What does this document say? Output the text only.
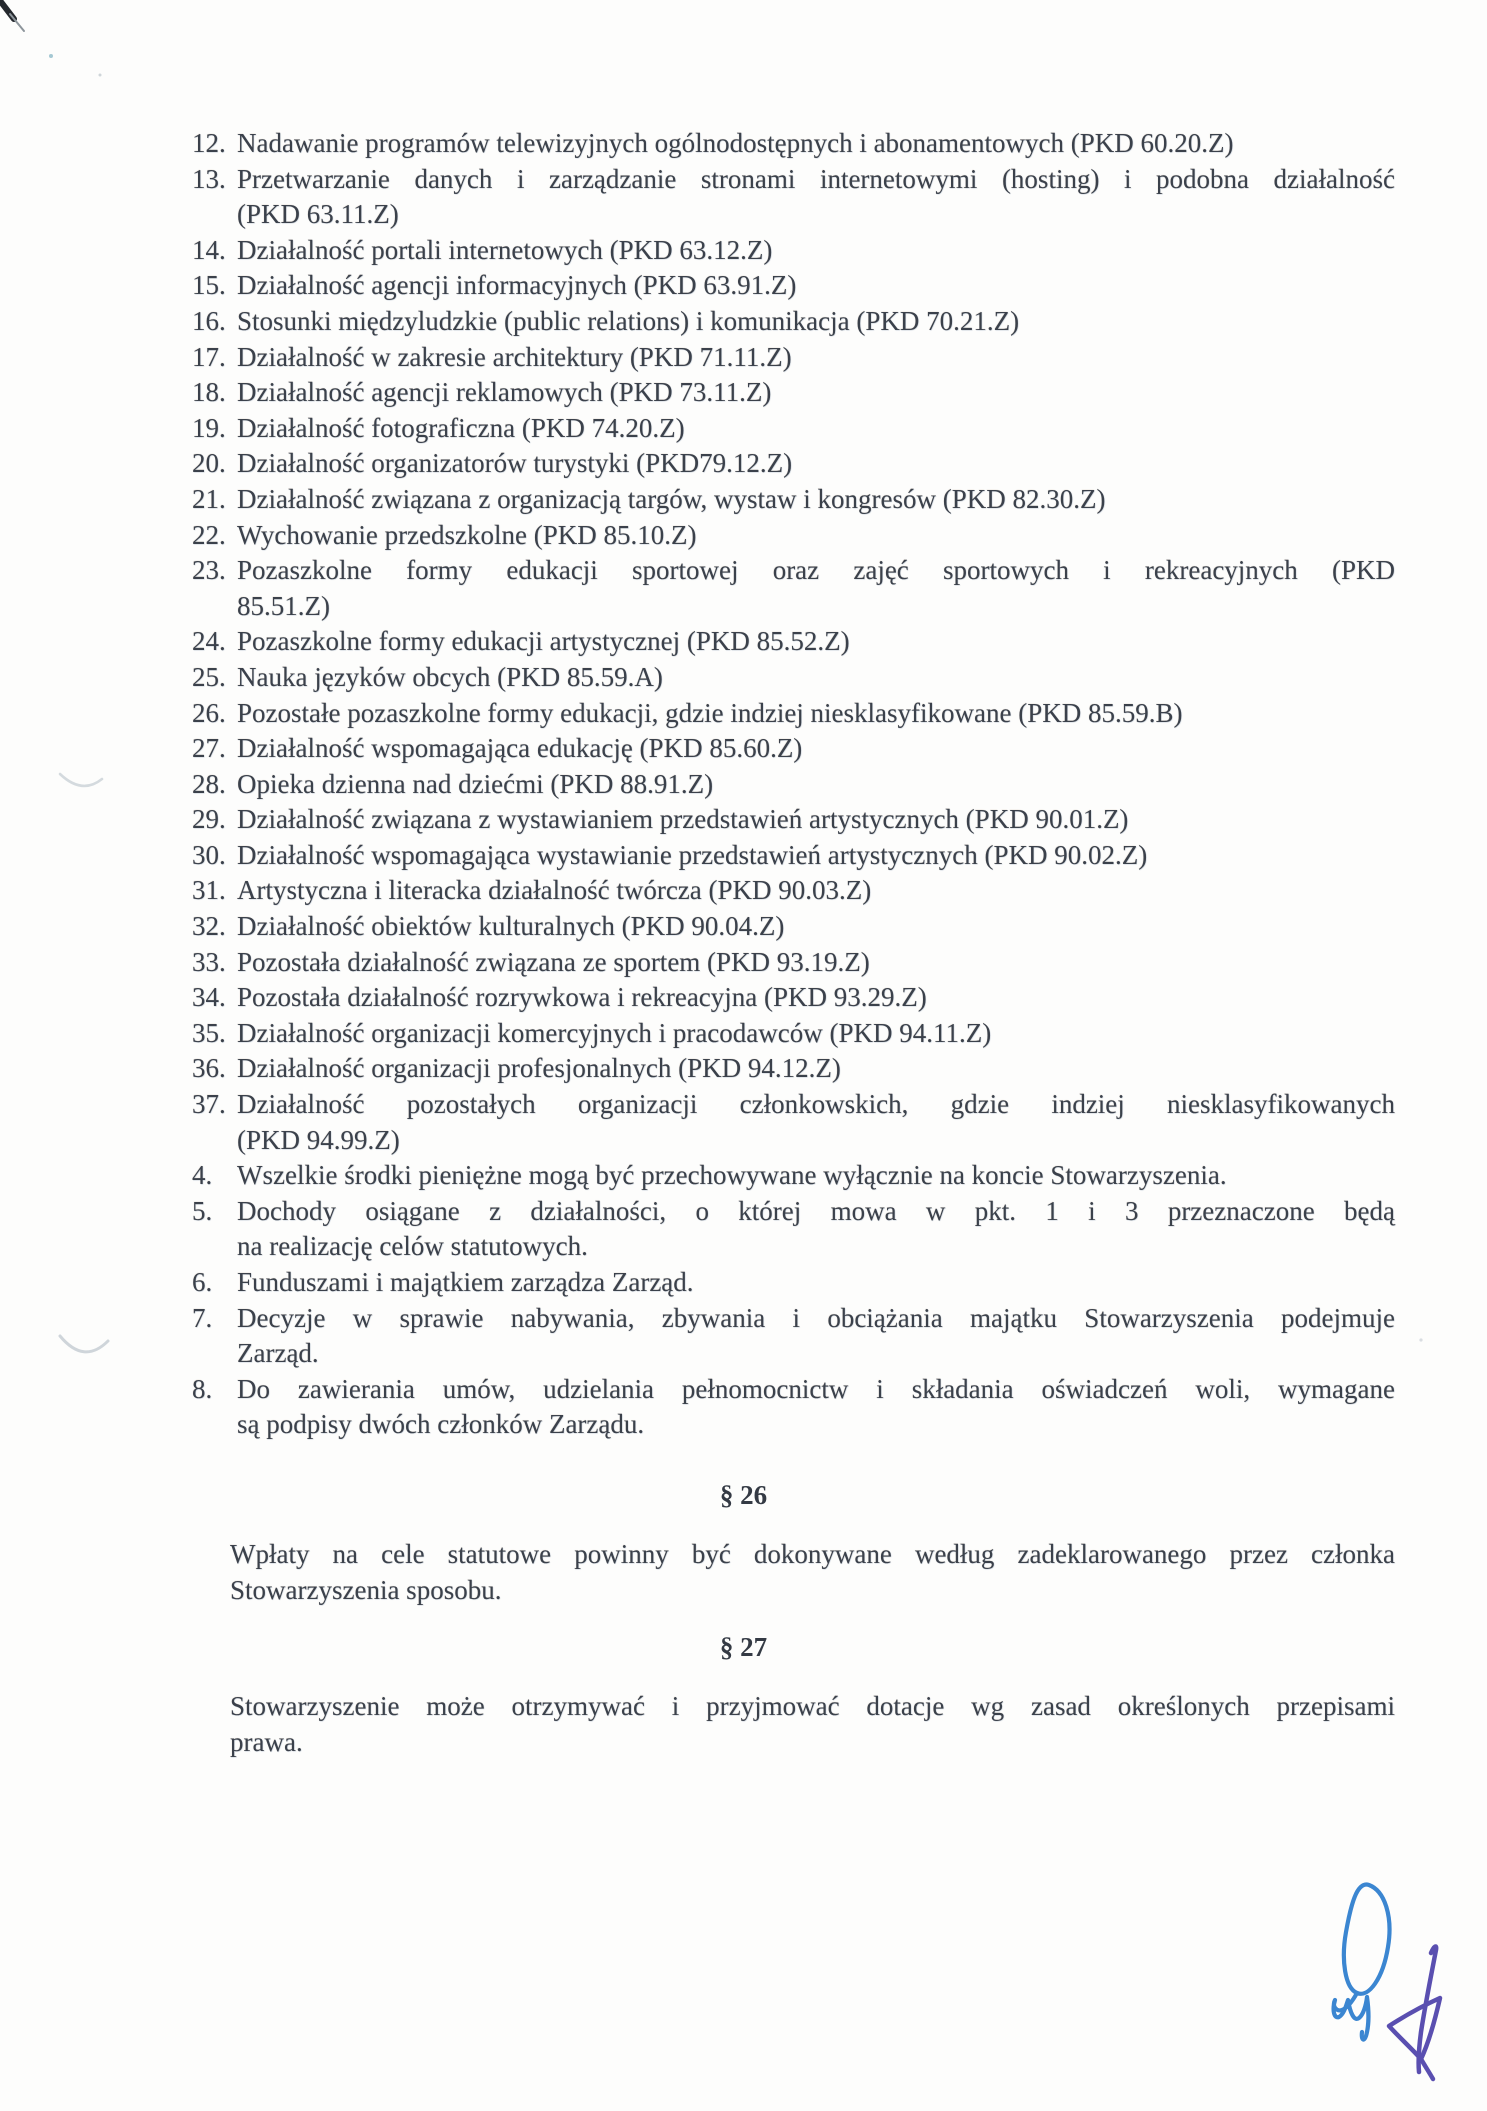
12. Nadawanie programów telewizyjnych ogólnodostępnych i abonamentowych (PKD 60.20.Z)
13. Przetwarzanie danych i zarządzanie stronami internetowymi (hosting) i podobna działalność
(PKD 63.11.Z)
14. Działalność portali internetowych (PKD 63.12.Z)
15. Działalność agencji informacyjnych (PKD 63.91.Z)
16. Stosunki międzyludzkie (public relations) i komunikacja (PKD 70.21.Z)
17. Działalność w zakresie architektury (PKD 71.11.Z)
18. Działalność agencji reklamowych (PKD 73.11.Z)
19. Działalność fotograficzna (PKD 74.20.Z)
20. Działalność organizatorów turystyki (PKD79.12.Z)
21. Działalność związana z organizacją targów, wystaw i kongresów (PKD 82.30.Z)
22. Wychowanie przedszkolne (PKD 85.10.Z)
23. Pozaszkolne formy edukacji sportowej oraz zajęć sportowych i rekreacyjnych (PKD
85.51.Z)
24. Pozaszkolne formy edukacji artystycznej (PKD 85.52.Z)
25. Nauka języków obcych (PKD 85.59.A)
26. Pozostałe pozaszkolne formy edukacji, gdzie indziej niesklasyfikowane (PKD 85.59.B)
27. Działalność wspomagająca edukację (PKD 85.60.Z)
28. Opieka dzienna nad dziećmi (PKD 88.91.Z)
29. Działalność związana z wystawianiem przedstawień artystycznych (PKD 90.01.Z)
30. Działalność wspomagająca wystawianie przedstawień artystycznych (PKD 90.02.Z)
31. Artystyczna i literacka działalność twórcza (PKD 90.03.Z)
32. Działalność obiektów kulturalnych (PKD 90.04.Z)
33. Pozostała działalność związana ze sportem (PKD 93.19.Z)
34. Pozostała działalność rozrywkowa i rekreacyjna (PKD 93.29.Z)
35. Działalność organizacji komercyjnych i pracodawców (PKD 94.11.Z)
36. Działalność organizacji profesjonalnych (PKD 94.12.Z)
37. Działalność pozostałych organizacji członkowskich, gdzie indziej niesklasyfikowanych
(PKD 94.99.Z)
4. Wszelkie środki pieniężne mogą być przechowywane wyłącznie na koncie Stowarzyszenia.
5. Dochody osiągane z działalności, o której mowa w pkt. 1 i 3 przeznaczone będą
na realizację celów statutowych.
6. Funduszami i majątkiem zarządza Zarząd.
7. Decyzje w sprawie nabywania, zbywania i obciążania majątku Stowarzyszenia podejmuje
Zarząd.
8. Do zawierania umów, udzielania pełnomocnictw i składania oświadczeń woli, wymagane
są podpisy dwóch członków Zarządu.
§ 26

Wpłaty na cele statutowe powinny być dokonywane według zadeklarowanego przez członka
Stowarzyszenia sposobu.

§ 27

Stowarzyszenie może otrzymywać i przyjmować dotacje wg zasad określonych przepisami
prawa.
